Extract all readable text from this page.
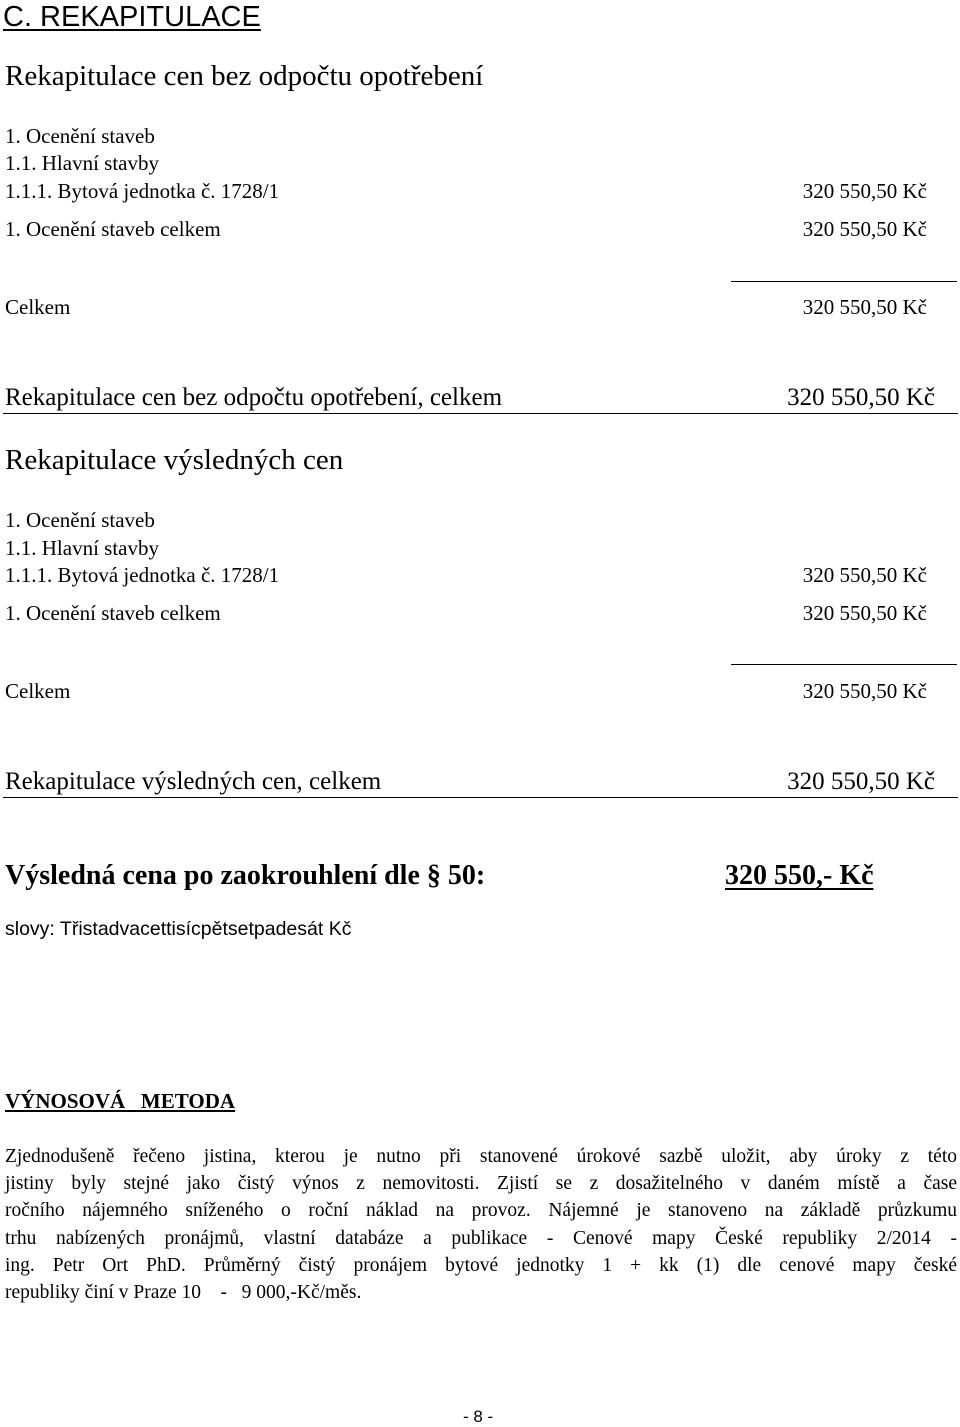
C. REKAPITULACE
Rekapitulace cen bez odpočtu opotřebení
1. Ocenění staveb
1.1. Hlavní stavby
1.1.1. Bytová jednotka č. 1728/1	320 550,50 Kč
1. Ocenění staveb celkem	320 550,50 Kč
Celkem	320 550,50 Kč
Rekapitulace cen bez odpočtu opotřebení, celkem	320 550,50 Kč
Rekapitulace výsledných cen
1. Ocenění staveb
1.1. Hlavní stavby
1.1.1. Bytová jednotka č. 1728/1	320 550,50 Kč
1. Ocenění staveb celkem	320 550,50 Kč
Celkem	320 550,50 Kč
Rekapitulace výsledných cen, celkem	320 550,50 Kč
Výsledná cena po zaokrouhlení dle § 50:	320 550,- Kč
slovy: Třistadvacettisícpětsetpadesát Kč
VÝNOSOVÁ   METODA
Zjednodušeně řečeno jistina, kterou je nutno při stanovené úrokové sazbě uložit, aby úroky z této
jistiny byly stejné jako čistý výnos z nemovitosti. Zjistí se z dosažitelného v daném místě a čase
ročního nájemného sníženého o roční náklad na provoz. Nájemné je stanoveno na základě průzkumu
trhu nabízených pronájmů, vlastní databáze a publikace - Cenové mapy České republiky 2/2014 -
ing. Petr Ort PhD. Průměrný čistý pronájem bytové jednotky 1 + kk (1) dle cenové mapy české
republiky činí v Praze 10    -   9 000,-Kč/měs.
- 8 -
